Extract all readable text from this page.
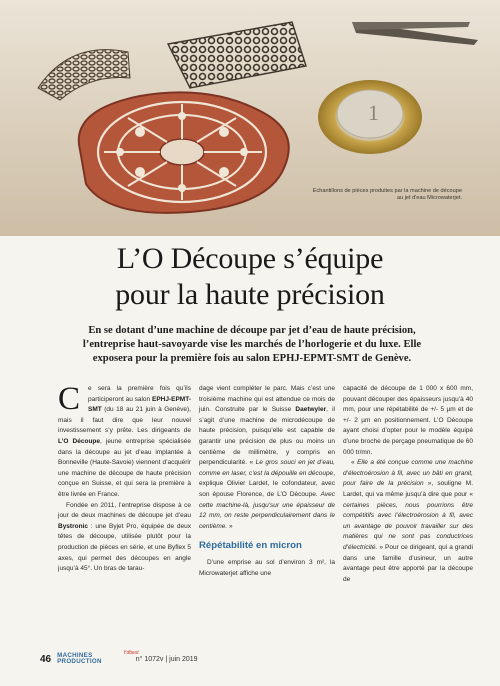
1
Echantillons de pièces produites par la machine de découpe au jet d'eau Microwaterjet.
L’O Découpe s’équipe
pour la haute précision
En se dotant d’une machine de découpe par jet d’eau de haute précision, l’entreprise haut-savoyarde vise les marchés de l’horlogerie et du luxe. Elle exposera pour la première fois au salon EPHJ-EPMT-SMT de Genève.

C	e sera la première fois qu’ils participeront au salon EPHJ-EPMT-SMT (du 18 au 21 juin à Genève), mais il faut dire que leur nouvel investissement s’y prête. Les dirigeants de L’O Découpe, jeune entreprise spécialisée dans la découpe au jet d’eau implantée à Bonneville (Haute-Savoie) viennent d’acquérir une machine de découpe de haute précision conçue en Suisse, et qui sera la première à être livrée en France.

Fondée en 2011, l’entreprise dispose à ce jour de deux machines de découpe jet d’eau Bystronic : une Byjet Pro, équipée de deux têtes de découpe, utilisée plutôt pour la production de pièces en série, et une Byflex 5 axes, qui permet des découpes en angle jusqu’à 45°. Un bras de tarau-

dage vient compléter le parc. Mais c’est une troisième machine qui est attendue ce mois de juin. Construite par le Suisse Daetwyler, il s’agit d’une machine de microdécoupe de haute précision, puisqu’elle est capable de garantir une précision de plus ou moins un centième de millimètre, y compris en perpendicularité. « Le gros souci en jet d’eau, comme en laser, c’est la dépouille en découpe, explique Olivier Lardet, le cofondateur, avec son épouse Florence, de L’O Découpe. Avec cette machine-là, jusqu’sur une épaisseur de 12 mm, on reste perpendiculairement dans le centième. »

Répétabilité en micron

D’une emprise au sol d’environ 3 m², la Microwaterjet affiche une

capacité de découpe de 1 000 x 600 mm, pouvant découper des épaisseurs jusqu’à 40 mm, pour une répétabilité de +/- 5 µm et de +/- 2 µm en positionnement. L’O Découpe ayant choisi d’opter pour le modèle équipé d’une broche de perçage pneumatique de 60 000 tr/mn.

« Elle a été conçue comme une machine d’électroérosion à fil, avec un bâti en granit, pour faire de la précision », souligne M. Lardet, qui va même jusqu’à dire que pour « certaines pièces, nous pourrions être compétitifs avec l’électroérosion à fil, avec un avantage de pouvoir travailler sur des matières qui ne sont pas conductrices d’électricité. » Pour ce dirigeant, qui a grandi dans une famille d’usineur, un autre avantage peut être apporté par la découpe de

46 MACHINES
PRODUCTION
Ydbest
n° 1072v | juin 2019
